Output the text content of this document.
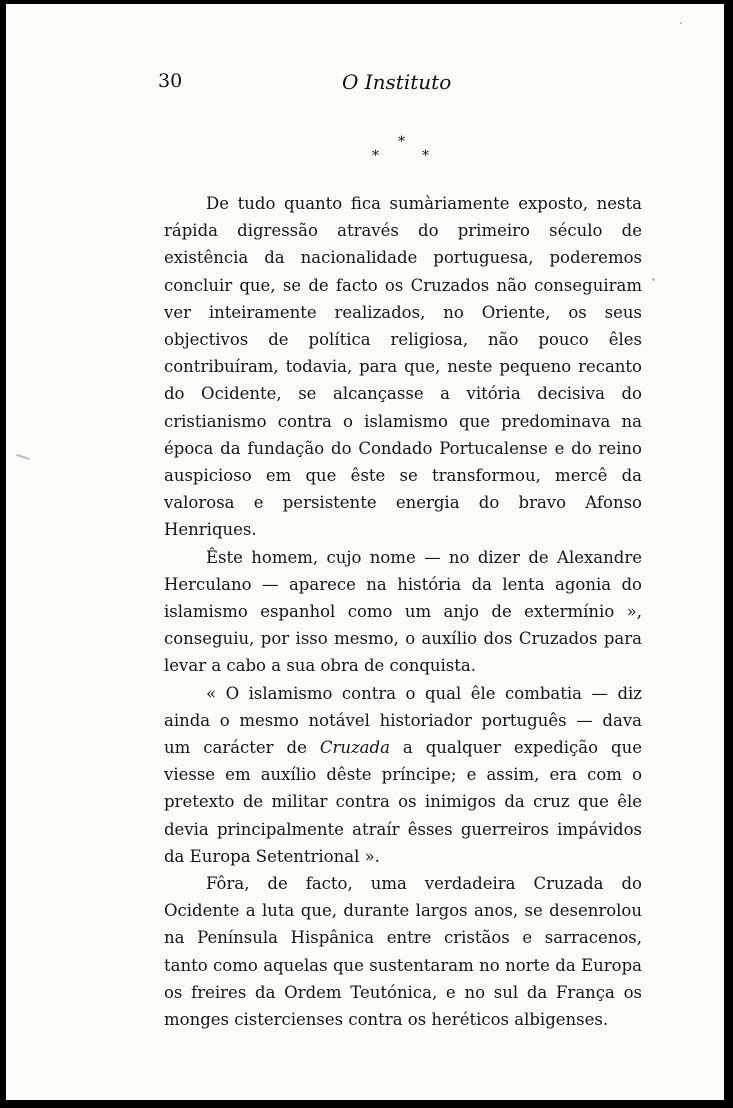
30	O Instituto
*
*	*

De tudo quanto fica sumàriamente exposto, nesta rápida digressão através do primeiro século de existência da nacionalidade portuguesa, poderemos concluir que, se de facto os Cruzados não conseguiram ver inteiramente realizados, no Oriente, os seus objectivos de política religiosa, não pouco êles contribuíram, todavia, para que, neste pequeno recanto do Ocidente, se alcançasse a vitória decisiva do cristianismo contra o islamismo que predominava na época da fundação do Condado Portucalense e do reino auspicioso em que êste se transformou, mercê da valorosa e persistente energia do bravo Afonso Henriques.

Êste homem, cujo nome — no dizer de Alexandre Herculano — aparece na história da lenta agonia do islamismo espanhol como um anjo de extermínio », conseguiu, por isso mesmo, o auxílio dos Cruzados para levar a cabo a sua obra de conquista.

« O islamismo contra o qual êle combatia — diz ainda o mesmo notável historiador português — dava um carácter de Cruzada a qualquer expedição que viesse em auxílio dêste príncipe; e assim, era com o pretexto de militar contra os inimigos da cruz que êle devia principalmente atraír êsses guerreiros impávidos da Europa Setentrional ».

Fôra, de facto, uma verdadeira Cruzada do Ocidente a luta que, durante largos anos, se desenrolou na Península Hispânica entre cristãos e sarracenos, tanto como aquelas que sustentaram no norte da Europa os freires da Ordem Teutónica, e no sul da França os monges cistercienses contra os heréticos albigenses.
